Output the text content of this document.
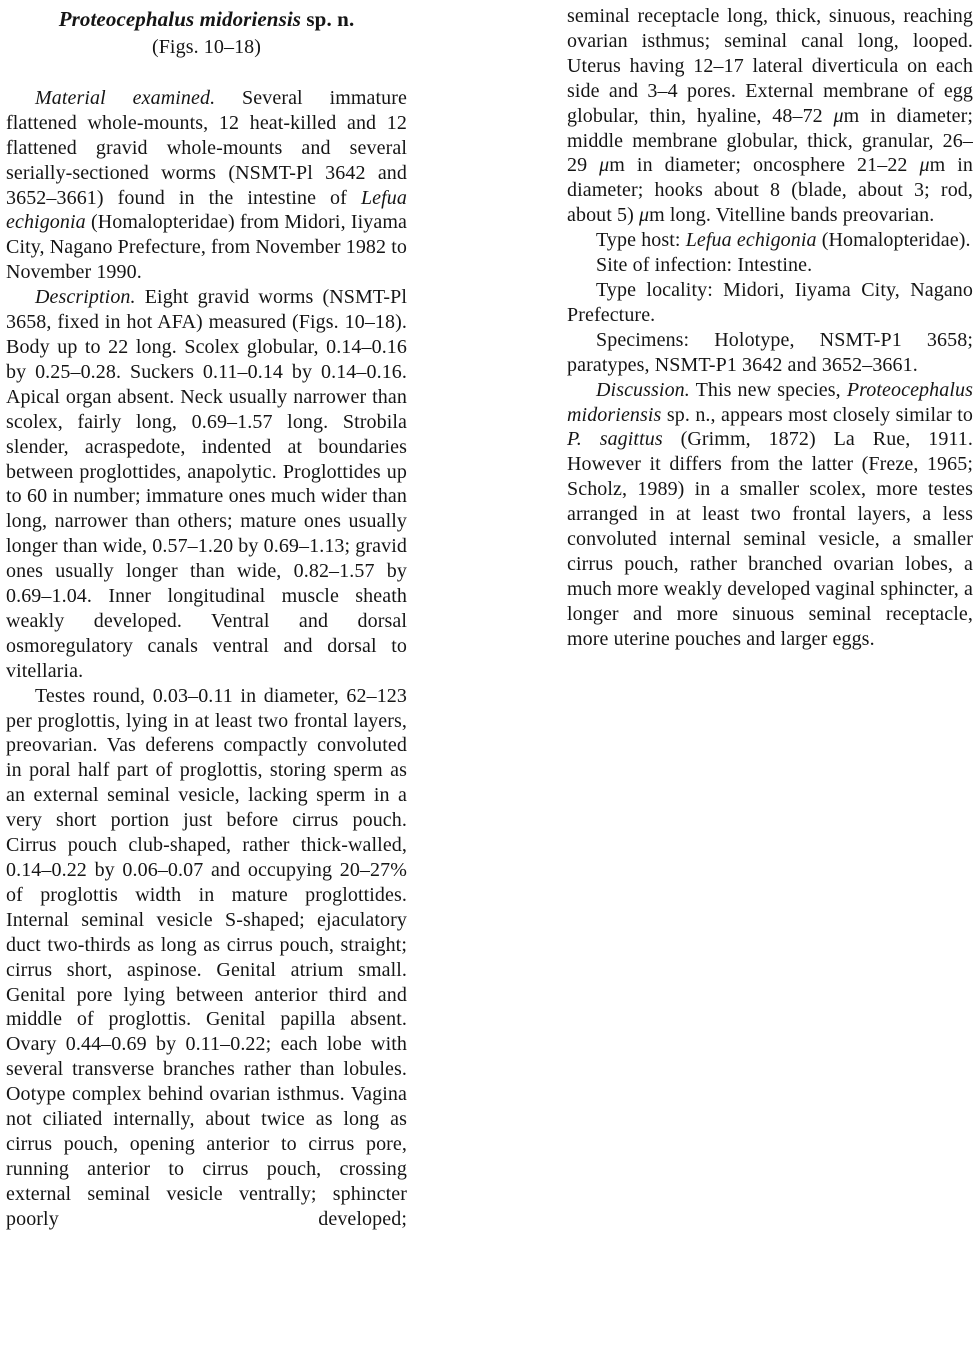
Proteocephalus midoriensis sp. n.
(Figs. 10–18)

Material examined. Several immature flattened whole-mounts, 12 heat-killed and 12 flattened gravid whole-mounts and several serially-sectioned worms (NSMT-Pl 3642 and 3652–3661) found in the intestine of Lefua echigonia (Homalopteridae) from Midori, Iiyama City, Nagano Prefecture, from November 1982 to November 1990.

Description. Eight gravid worms (NSMT-Pl 3658, fixed in hot AFA) measured (Figs. 10–18). Body up to 22 long. Scolex globular, 0.14–0.16 by 0.25–0.28. Suckers 0.11–0.14 by 0.14–0.16. Apical organ absent. Neck usually narrower than scolex, fairly long, 0.69–1.57 long. Strobila slender, acraspedote, indented at boundaries between proglottides, anapolytic. Proglottides up to 60 in number; immature ones much wider than long, narrower than others; mature ones usually longer than wide, 0.57–1.20 by 0.69–1.13; gravid ones usually longer than wide, 0.82–1.57 by 0.69–1.04. Inner longitudinal muscle sheath weakly developed. Ventral and dorsal osmoregulatory canals ventral and dorsal to vitellaria.

Testes round, 0.03–0.11 in diameter, 62–123 per proglottis, lying in at least two frontal layers, preovarian. Vas deferens compactly convoluted in poral half part of proglottis, storing sperm as an external seminal vesicle, lacking sperm in a very short portion just before cirrus pouch. Cirrus pouch club-shaped, rather thick-walled, 0.14–0.22 by 0.06–0.07 and occupying 20–27% of proglottis width in mature proglottides. Internal seminal vesicle S-shaped; ejaculatory duct two-thirds as long as cirrus pouch, straight; cirrus short, aspinose. Genital atrium small. Genital pore lying between anterior third and middle of proglottis. Genital papilla absent. Ovary 0.44–0.69 by 0.11–0.22; each lobe with several transverse branches rather than lobules. Ootype complex behind ovarian isthmus. Vagina not ciliated internally, about twice as long as cirrus pouch, opening anterior to cirrus pore, running anterior to cirrus pouch, crossing external seminal vesicle ventrally; sphincter poorly developed;

seminal receptacle long, thick, sinuous, reaching ovarian isthmus; seminal canal long, looped. Uterus having 12–17 lateral diverticula on each side and 3–4 pores. External membrane of egg globular, thin, hyaline, 48–72 μm in diameter; middle membrane globular, thick, granular, 26–29 μm in diameter; oncosphere 21–22 μm in diameter; hooks about 8 (blade, about 3; rod, about 5) μm long. Vitelline bands preovarian.

Type host: Lefua echigonia (Homalopteridae).

Site of infection: Intestine.

Type locality: Midori, Iiyama City, Nagano Prefecture.

Specimens: Holotype, NSMT-P1 3658; paratypes, NSMT-P1 3642 and 3652–3661.

Discussion. This new species, Proteocephalus midoriensis sp. n., appears most closely similar to P. sagittus (Grimm, 1872) La Rue, 1911. However it differs from the latter (Freze, 1965; Scholz, 1989) in a smaller scolex, more testes arranged in at least two frontal layers, a less convoluted internal seminal vesicle, a smaller cirrus pouch, rather branched ovarian lobes, a much more weakly developed vaginal sphincter, a longer and more sinuous seminal receptacle, more uterine pouches and larger eggs.
